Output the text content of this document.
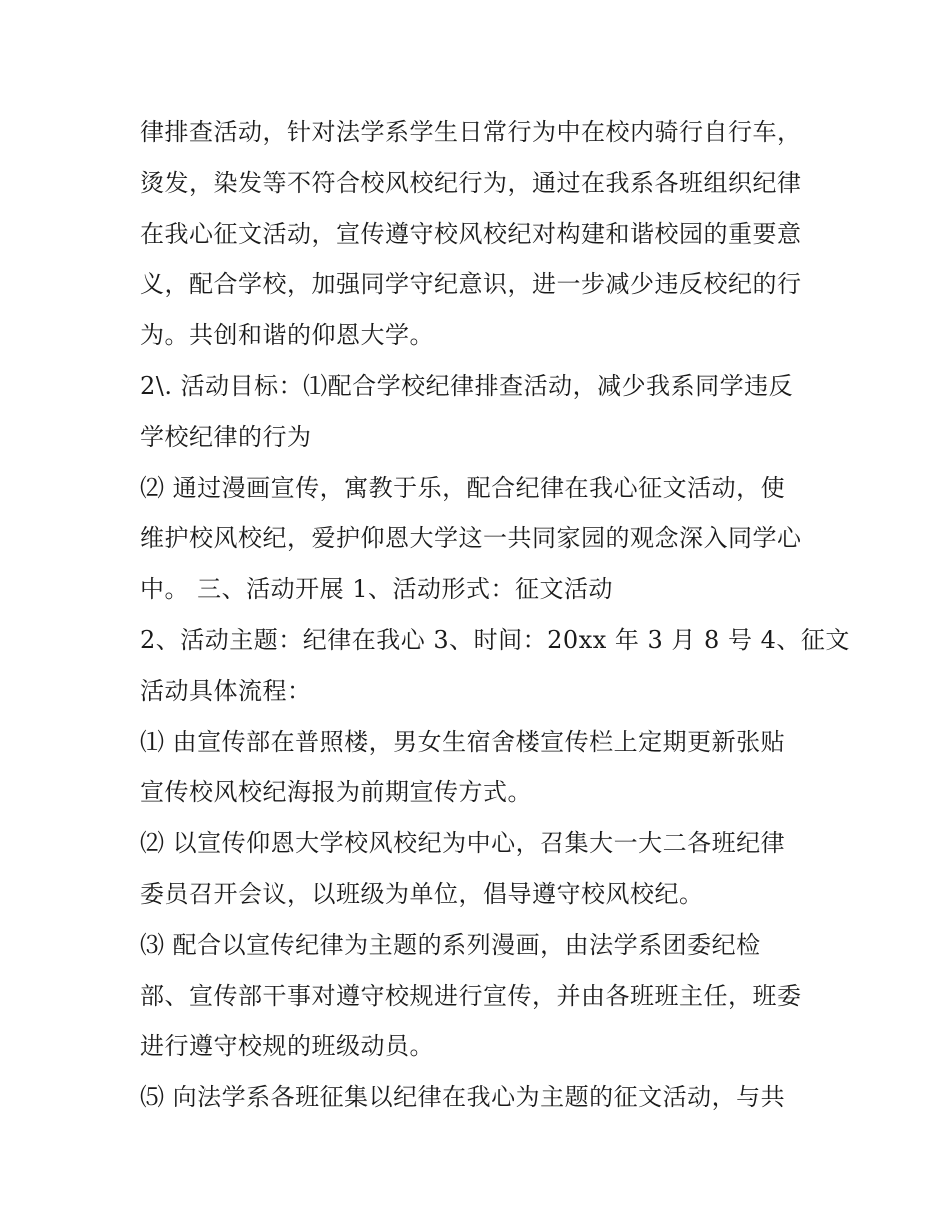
律排查活动，针对法学系学生日常行为中在校内骑行自行车，
烫发，染发等不符合校风校纪行为，通过在我系各班组织纪律
在我心征文活动，宣传遵守校风校纪对构建和谐校园的重要意
义，配合学校，加强同学守纪意识，进一步减少违反校纪的行
为。共创和谐的仰恩大学。
2\. 活动目标：⑴配合学校纪律排查活动，减少我系同学违反
学校纪律的行为
⑵ 通过漫画宣传，寓教于乐，配合纪律在我心征文活动，使
维护校风校纪，爱护仰恩大学这一共同家园的观念深入同学心
中。 三、活动开展 1、活动形式：征文活动
2、活动主题：纪律在我心 3、时间：20xx 年 3 月 8 号 4、征文
活动具体流程：
⑴ 由宣传部在普照楼，男女生宿舍楼宣传栏上定期更新张贴
宣传校风校纪海报为前期宣传方式。
⑵ 以宣传仰恩大学校风校纪为中心，召集大一大二各班纪律
委员召开会议，以班级为单位，倡导遵守校风校纪。
⑶ 配合以宣传纪律为主题的系列漫画，由法学系团委纪检
部、宣传部干事对遵守校规进行宣传，并由各班班主任，班委
进行遵守校规的班级动员。
⑸ 向法学系各班征集以纪律在我心为主题的征文活动，与共
